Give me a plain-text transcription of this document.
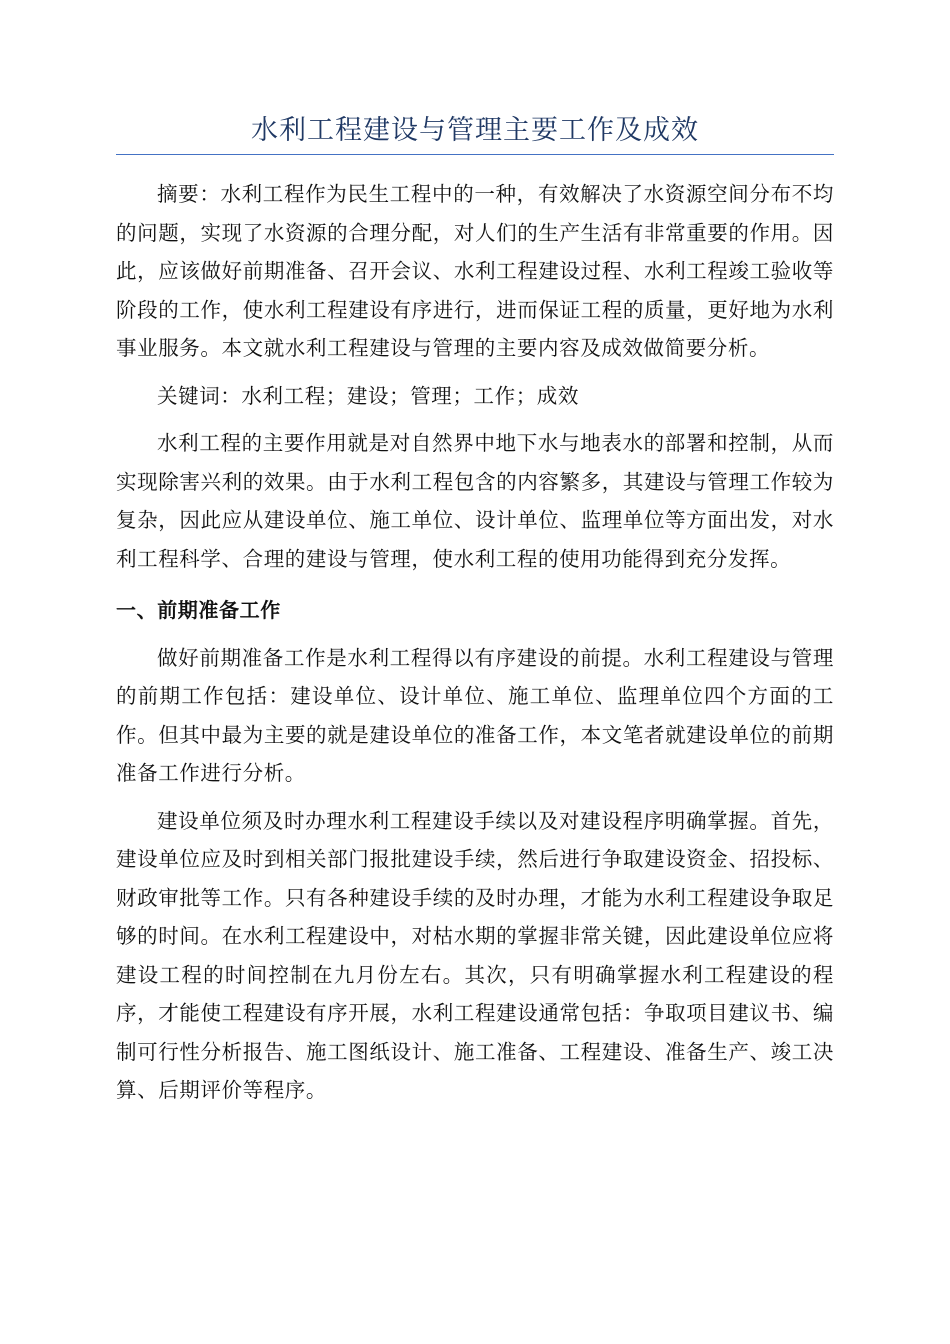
水利工程建设与管理主要工作及成效

摘要：水利工程作为民生工程中的一种，有效解决了水资源空间分布不均的问题，实现了水资源的合理分配，对人们的生产生活有非常重要的作用。因此，应该做好前期准备、召开会议、水利工程建设过程、水利工程竣工验收等阶段的工作，使水利工程建设有序进行，进而保证工程的质量，更好地为水利事业服务。本文就水利工程建设与管理的主要内容及成效做简要分析。

关键词：水利工程；建设；管理；工作；成效

水利工程的主要作用就是对自然界中地下水与地表水的部署和控制，从而实现除害兴利的效果。由于水利工程包含的内容繁多，其建设与管理工作较为复杂，因此应从建设单位、施工单位、设计单位、监理单位等方面出发，对水利工程科学、合理的建设与管理，使水利工程的使用功能得到充分发挥。

一、前期准备工作

做好前期准备工作是水利工程得以有序建设的前提。水利工程建设与管理的前期工作包括：建设单位、设计单位、施工单位、监理单位四个方面的工作。但其中最为主要的就是建设单位的准备工作，本文笔者就建设单位的前期准备工作进行分析。

建设单位须及时办理水利工程建设手续以及对建设程序明确掌握。首先，建设单位应及时到相关部门报批建设手续，然后进行争取建设资金、招投标、财政审批等工作。只有各种建设手续的及时办理，才能为水利工程建设争取足够的时间。在水利工程建设中，对枯水期的掌握非常关键，因此建设单位应将建设工程的时间控制在九月份左右。其次，只有明确掌握水利工程建设的程序，才能使工程建设有序开展，水利工程建设通常包括：争取项目建议书、编制可行性分析报告、施工图纸设计、施工准备、工程建设、准备生产、竣工决算、后期评价等程序。
